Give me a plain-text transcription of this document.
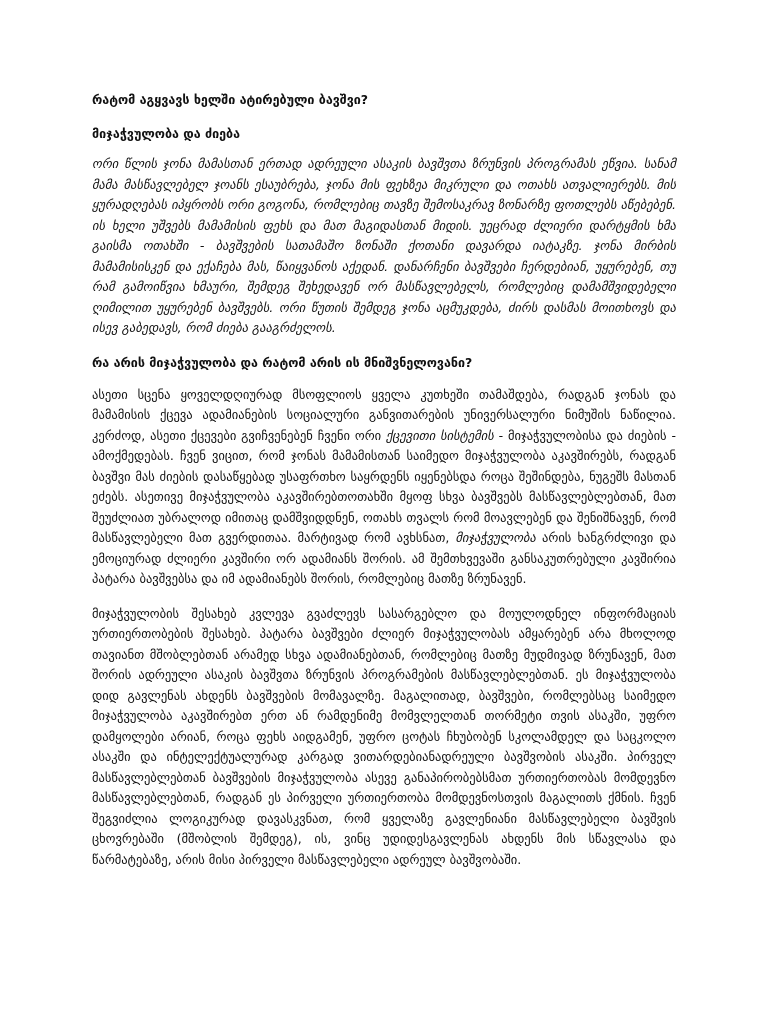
რატომ აგყვავს ხელში ატირებული ბავშვი?

მიჯაჭვულობა და ძიება

ორი წლის ჯონა მამასთან ერთად ადრეული ასაკის ბავშვთა ზრუნვის პროგრამას ეწვია. სანამ მამა მასწავლებელ ჯოანს ესაუბრება, ჯონა მის ფეხზეა მიკრული და ოთახს ათვალიერებს. მის ყურადღებას იპყრობს ორი გოგონა, რომლებიც თავზე შემოსაკრავ ზონარზე ფოთლებს აწებებენ. ის ხელი უშვებს მამამისის ფეხს და მათ მაგიდასთან მიდის. უეცრად ძლიერი დარტყმის ხმა გაისმა ოთახში - ბავშვების სათამაშო ზონაში ქოთანი დავარდა იატაკზე. ჯონა მირბის მამამისისკენ და ექაჩება მას, წაიყვანოს აქედან. დანარჩენი ბავშვები ჩერდებიან, უყურებენ, თუ რამ გამოიწვია ხმაური, შემდეგ შეხედავენ ორ მასწავლებელს, რომლებიც დამამშვიდებელი ღიმილით უყურებენ ბავშვებს. ორი წუთის შემდეგ ჯონა აცმუკდება, ძირს დასმას მოითხოვს და ისევ გაბედავს, რომ ძიება გააგრძელოს.

რა არის მიჯაჭვულობა და რატომ არის ის მნიშვნელოვანი?

ასეთი სცენა ყოველდღიურად მსოფლიოს ყველა კუთხეში თამაშდება, რადგან ჯონას და მამამისის ქცევა ადამიანების სოციალური განვითარების უნივერსალური ნიმუშის ნაწილია. კერძოდ, ასეთი ქცევები გვიჩვენებენ ჩვენი ორი ქცევითი სისტემის - მიჯაჭვულობისა და ძიების - ამოქმედებას. ჩვენ ვიცით, რომ ჯონას მამამისთან საიმედო მიჯაჭვულობა აკავშირებს, რადგან ბავშვი მას ძიების დასაწყებად უსაფრთხო საყრდენს იყენებსდა როცა შეშინდება, ნუგეშს მასთან ეძებს. ასეთივე მიჯაჭვულობა აკავშირებთოთახში მყოფ სხვა ბავშვებს მასწავლებლებთან, მათ შეუძლიათ უბრალოდ იმითაც დამშვიდდნენ, ოთახს თვალს რომ მოავლებენ და შენიშნავენ, რომ მასწავლებელი მათ გვერდითაა. მარტივად რომ ავხსნათ, მიჯაჭვულობა არის ხანგრძლივი და ემოციურად ძლიერი კავშირი ორ ადამიანს შორის. ამ შემთხვევაში განსაკუთრებული კავშირია პატარა ბავშვებსა და იმ ადამიანებს შორის, რომლებიც მათზე ზრუნავენ.

მიჯაჭვულობის შესახებ კვლევა გვაძლევს სასარგებლო და მოულოდნელ ინფორმაციას ურთიერთობების შესახებ. პატარა ბავშვები ძლიერ მიჯაჭვულობას ამყარებენ არა მხოლოდ თავიანთ მშობლებთან არამედ სხვა ადამიანებთან, რომლებიც მათზე მუდმივად ზრუნავენ, მათ შორის ადრეული ასაკის ბავშვთა ზრუნვის პროგრამების მასწავლებლებთან. ეს მიჯაჭვულობა დიდ გავლენას ახდენს ბავშვების მომავალზე. მაგალითად, ბავშვები, რომლებსაც საიმედო მიჯაჭვულობა აკავშირებთ ერთ ან რამდენიმე მომვლელთან თორმეტი თვის ასაკში, უფრო დამყოლები არიან, როცა ფეხს აიდგამენ, უფრო ცოტას ჩხუბობენ სკოლამდელ და საცკოლო ასაკში და ინტელექტუალურად კარგად ვითარდებიანადრეული ბავშვობის ასაკში. პირველ მასწავლებლებთან ბავშვების მიჯაჭვულობა ასევე განაპირობებსმათ ურთიერთობას მომდევნო მასწავლებლებთან, რადგან ეს პირველი ურთიერთობა მომდევნოსთვის მაგალითს ქმნის. ჩვენ შეგვიძლია ლოგიკურად დავასკვნათ, რომ ყველაზე გავლენიანი მასწავლებელი ბავშვის ცხოვრებაში (მშობლის შემდეგ), ის, ვინც უდიდესგავლენას ახდენს მის სწავლასა და წარმატებაზე, არის მისი პირველი მასწავლებელი ადრეულ ბავშვობაში.
